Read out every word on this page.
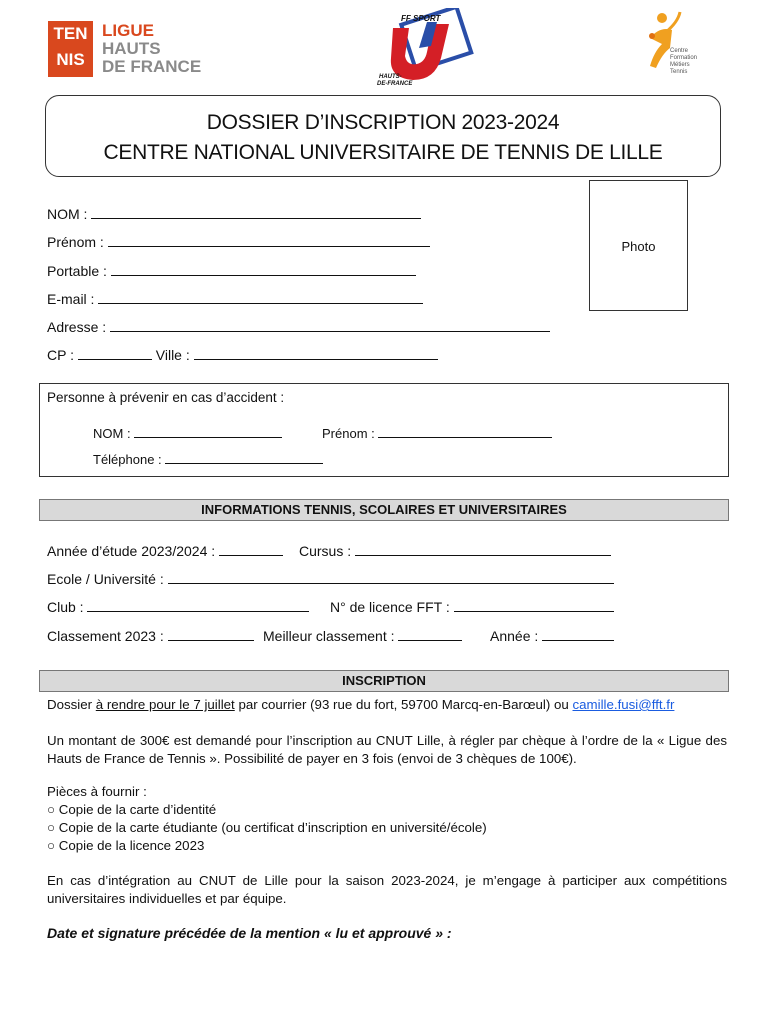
TEN
NIS
LIGUE
HAUTS
DE FRANCE
FF SPORT
HAUTS-
DE-FRANCE
Centre
Formation
Métiers
Tennis
DOSSIER D’INSCRIPTION 2023-2024
CENTRE NATIONAL UNIVERSITAIRE DE TENNIS DE LILLE
Photo
NOM :
Prénom :
Portable :
E-mail :
Adresse :
CP :	Ville :
Personne à prévenir en cas d’accident :
NOM :	Prénom :
Téléphone :
INFORMATIONS TENNIS, SCOLAIRES ET UNIVERSITAIRES
Année d’étude 2023/2024 :	Cursus :
Ecole / Université :
Club :	N° de licence FFT :
Classement 2023 :	Meilleur classement :	Année :
INSCRIPTION
Dossier à rendre pour le 7 juillet par courrier (93 rue du fort, 59700 Marcq-en-Barœul) ou camille.fusi@fft.fr
Un montant de 300€ est demandé pour l’inscription au CNUT Lille, à régler par chèque à l’ordre de la « Ligue des Hauts de France de Tennis ». Possibilité de payer en 3 fois (envoi de 3 chèques de 100€).
Pièces à fournir :
○ Copie de la carte d’identité
○ Copie de la carte étudiante (ou certificat d’inscription en université/école)
○ Copie de la licence 2023
En cas d’intégration au CNUT de Lille pour la saison 2023-2024, je m’engage à participer aux compétitions universitaires individuelles et par équipe.
Date et signature précédée de la mention « lu et approuvé » :
